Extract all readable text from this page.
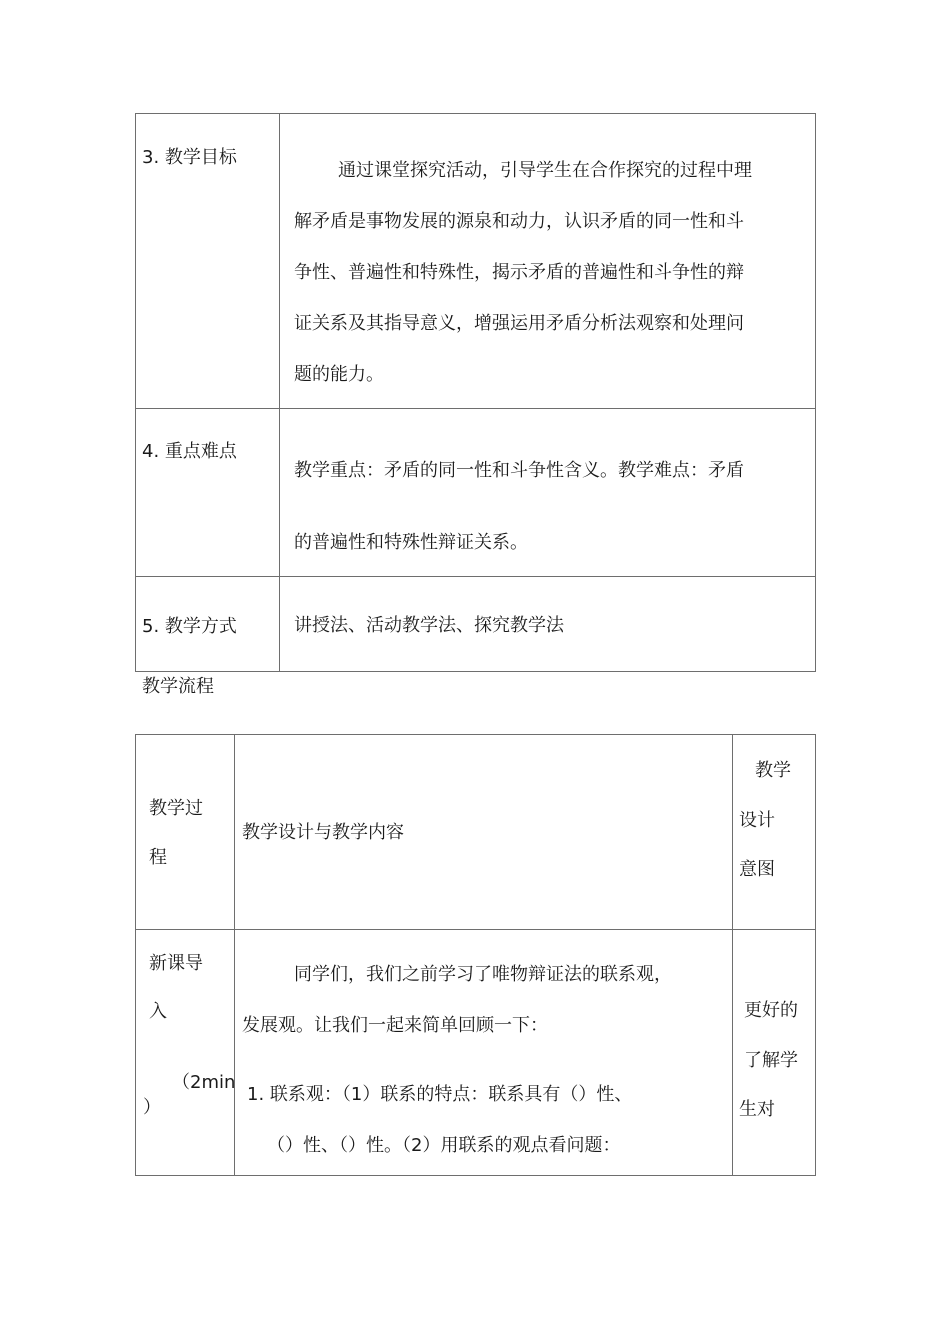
3. 教学目标
通过课堂探究活动，引导学生在合作探究的过程中理
解矛盾是事物发展的源泉和动力，认识矛盾的同一性和斗
争性、普遍性和特殊性，揭示矛盾的普遍性和斗争性的辩
证关系及其指导意义，增强运用矛盾分析法观察和处理问
题的能力。
4. 重点难点
教学重点：矛盾的同一性和斗争性含义。教学难点：矛盾
的普遍性和特殊性辩证关系。
5. 教学方式	讲授法、活动教学法、探究教学法
教学流程
教学过
程
教学设计与教学内容
教学
设计
意图
新课导
入
（2min
）
同学们，我们之前学习了唯物辩证法的联系观，
发展观。让我们一起来简单回顾一下：
1. 联系观：（1）联系的特点：联系具有（）性、
（）性、（）性。（2）用联系的观点看问题：
更好的
了解学
生对
